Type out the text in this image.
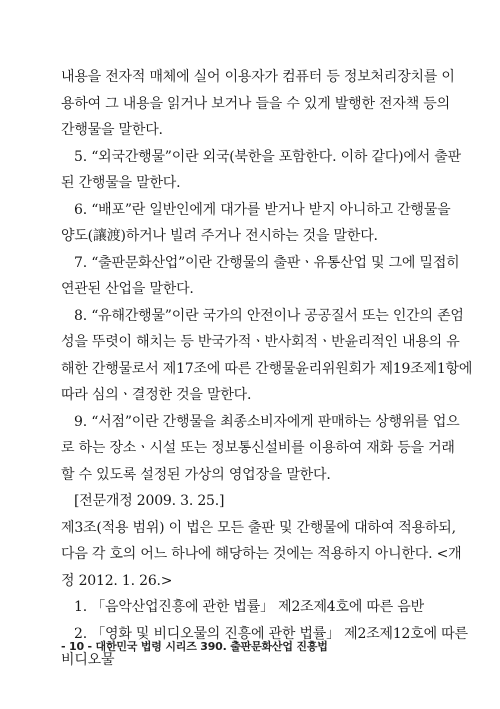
내용을 전자적 매체에 실어 이용자가 컴퓨터 등 정보처리장치를 이
용하여 그 내용을 읽거나 보거나 들을 수 있게 발행한 전자책 등의
간행물을 말한다.
5. “외국간행물”이란 외국(북한을 포함한다. 이하 같다)에서 출판
된 간행물을 말한다.
6. “배포”란 일반인에게 대가를 받거나 받지 아니하고 간행물을
양도(讓渡)하거나 빌려 주거나 전시하는 것을 말한다.
7. “출판문화산업”이란 간행물의 출판ㆍ유통산업 및 그에 밀접히
연관된 산업을 말한다.
8. “유해간행물”이란 국가의 안전이나 공공질서 또는 인간의 존엄
성을 뚜렷이 해치는 등 반국가적ㆍ반사회적ㆍ반윤리적인 내용의 유
해한 간행물로서 제17조에 따른 간행물윤리위원회가 제19조제1항에
따라 심의ㆍ결정한 것을 말한다.
9. “서점”이란 간행물을 최종소비자에게 판매하는 상행위를 업으
로 하는 장소ㆍ시설 또는 정보통신설비를 이용하여 재화 등을 거래
할 수 있도록 설정된 가상의 영업장을 말한다.
[전문개정 2009. 3. 25.]
제3조(적용 범위) 이 법은 모든 출판 및 간행물에 대하여 적용하되,
다음 각 호의 어느 하나에 해당하는 것에는 적용하지 아니한다. <개
정 2012. 1. 26.>
1. 「음악산업진흥에 관한 법률」 제2조제4호에 따른 음반
2. 「영화 및 비디오물의 진흥에 관한 법률」 제2조제12호에 따른
비디오물
- 10 - 대한민국 법령 시리즈 390. 출판문화산업 진흥법
